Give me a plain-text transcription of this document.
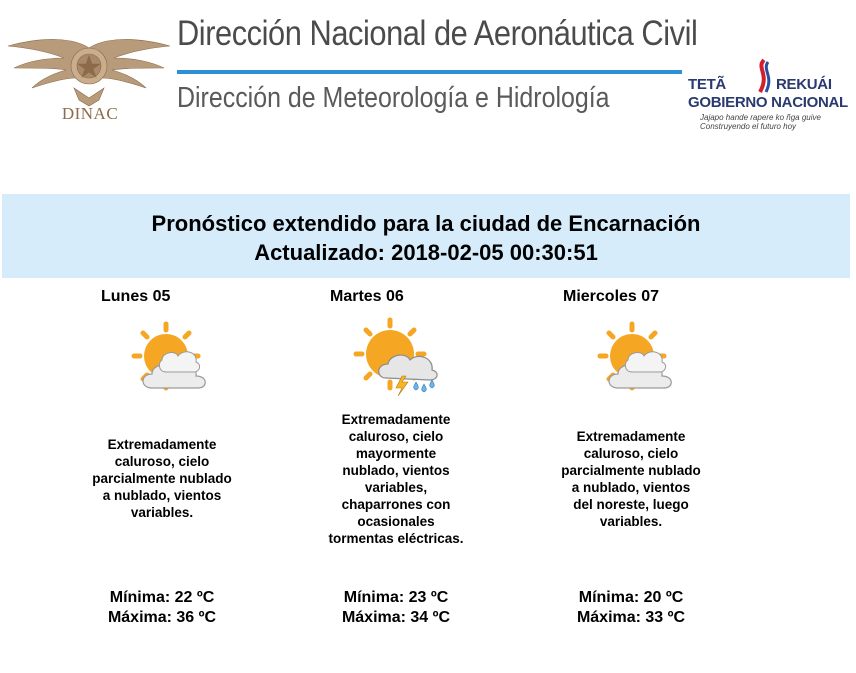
DINAC
Dirección Nacional de Aeronáutica Civil
Dirección de Meteorología e Hidrología	TETÃ	REKUÁI
GOBIERNO NACIONAL
Jajapo hande rapere ko ñga guive
Construyendo el futuro hoy
Pronóstico extendido para la ciudad de Encarnación
Actualizado: 2018-02-05 00:30:51
Lunes 05
Extremadamente caluroso, cielo parcialmente nublado a nublado, vientos variables.
Mínima: 22 ºC
Máxima: 36 ºC
Martes 06
Extremadamente caluroso, cielo mayormente nublado, vientos variables, chaparrones con ocasionales tormentas eléctricas.
Mínima: 23 ºC
Máxima: 34 ºC
Miercoles 07
Extremadamente caluroso, cielo parcialmente nublado a nublado, vientos del noreste, luego variables.
Mínima: 20 ºC
Máxima: 33 ºC
